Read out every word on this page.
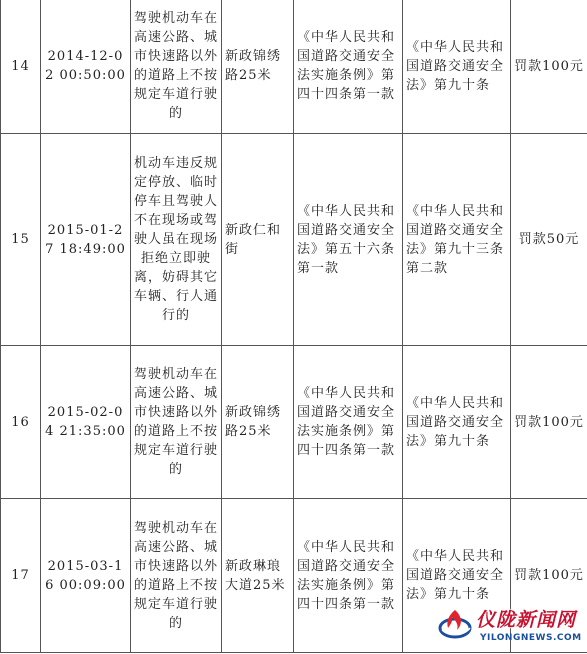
14	2014-12-02 00:50:00	驾驶机动车在高速公路、城市快速路以外的道路上不按规定车道行驶的	新政锦绣路25米	《中华人民共和国道路交通安全法实施条例》第四十四条第一款	《中华人民共和国道路交通安全法》第九十条	罚款100元
15	2015-01-27 18:49:00	机动车违反规定停放、临时停车且驾驶人不在现场或驾驶人虽在现场拒绝立即驶离，妨碍其它车辆、行人通行的	新政仁和街	《中华人民共和国道路交通安全法》第五十六条第一款	《中华人民共和国道路交通安全法》第九十三条第二款	罚款50元
16	2015-02-04 21:35:00	驾驶机动车在高速公路、城市快速路以外的道路上不按规定车道行驶的	新政锦绣路25米	《中华人民共和国道路交通安全法实施条例》第四十四条第一款	《中华人民共和国道路交通安全法》第九十条	罚款100元
17	2015-03-16 00:09:00	驾驶机动车在高速公路、城市快速路以外的道路上不按规定车道行驶的	新政琳琅大道25米	《中华人民共和国道路交通安全法实施条例》第四十四条第一款	《中华人民共和国道路交通安全法》第九十条	罚款100元
仪陇新闻网
YILONGNEWS.COM
